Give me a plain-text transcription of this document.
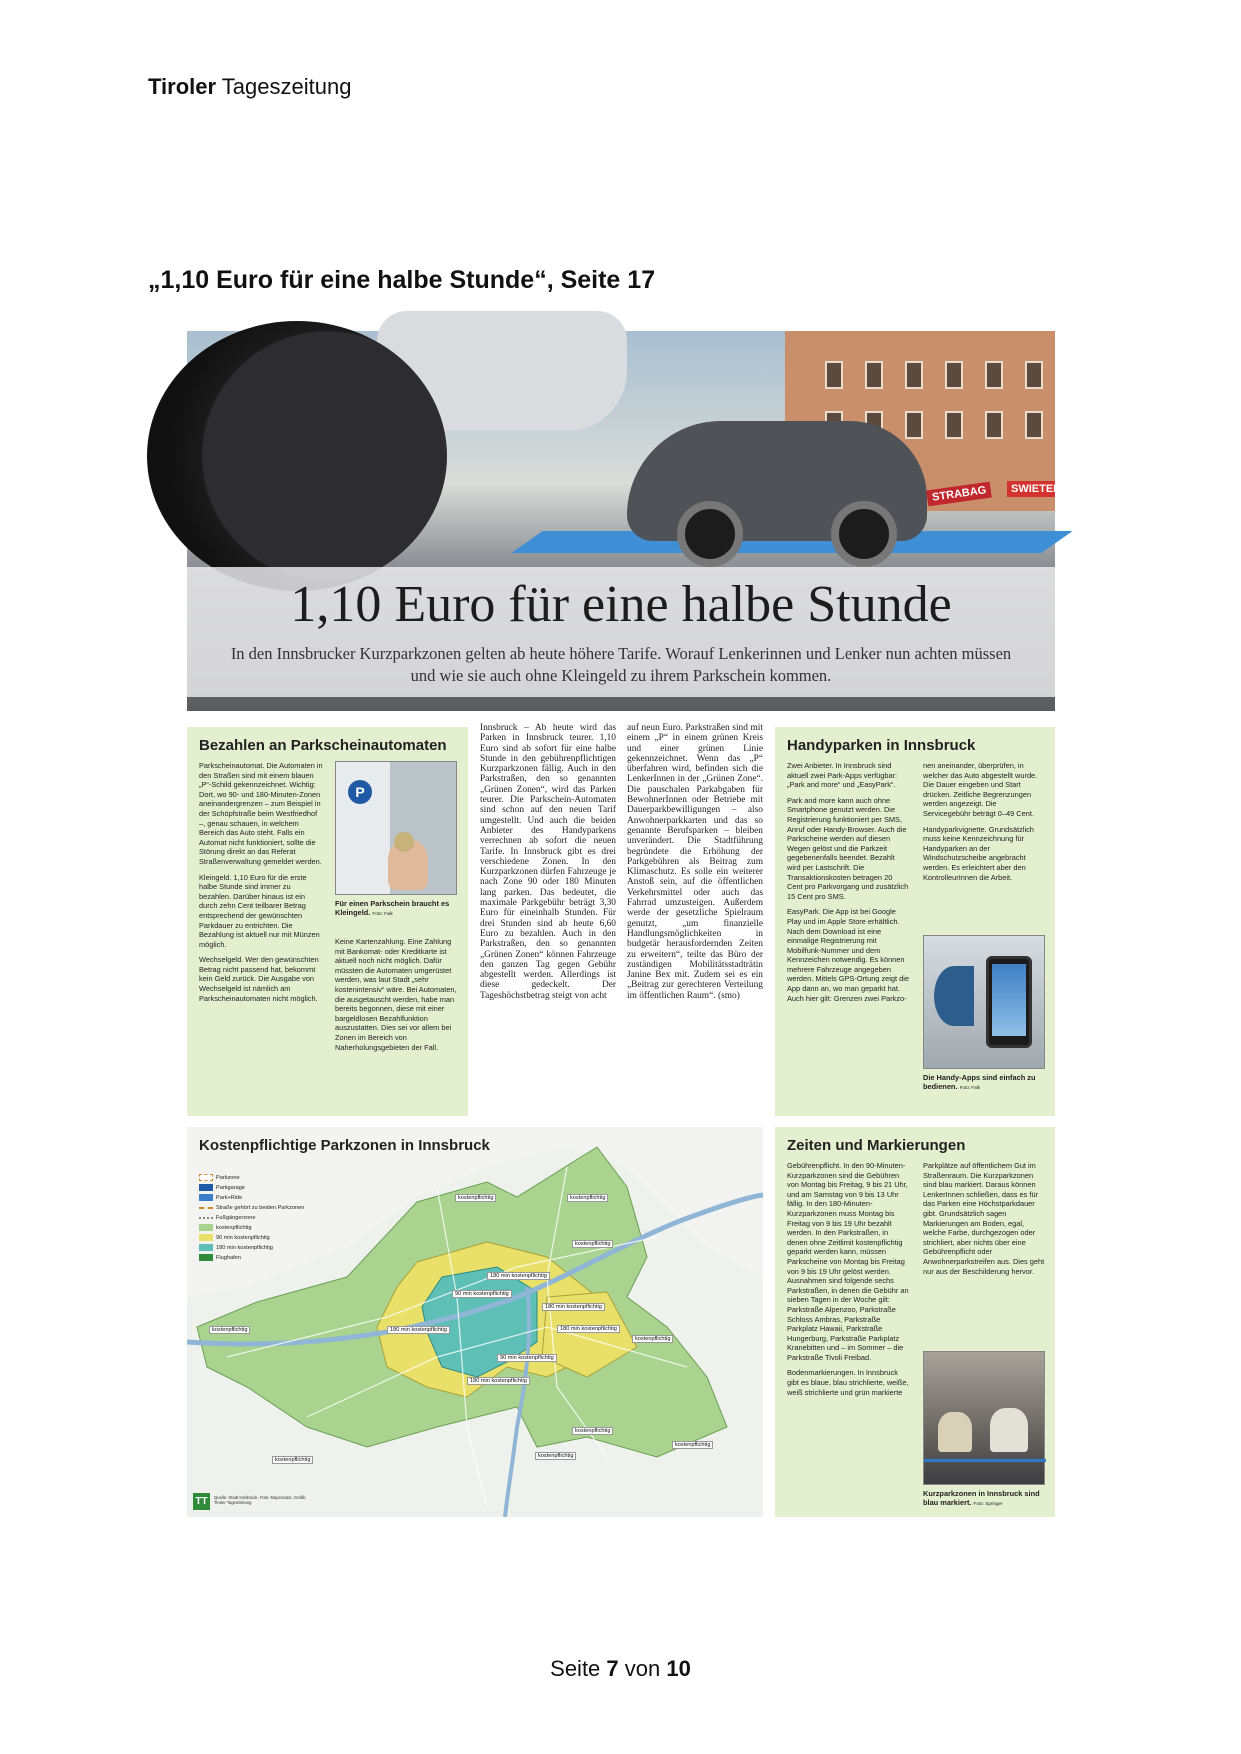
Tiroler Tageszeitung
„1,10 Euro für eine halbe Stunde“, Seite 17
STRABAG	SWIETELSKY
1,10 Euro für eine halbe Stunde
In den Innsbrucker Kurzparkzonen gelten ab heute höhere Tarife. Worauf Lenkerinnen und Lenker nun achten müssen und wie sie auch ohne Kleingeld zu ihrem Parkschein kommen.
Bezahlen an Parkscheinautomaten

Parkscheinautomat. Die Automaten in den Straßen sind mit einem blauen „P“-Schild gekennzeichnet. Wichtig: Dort, wo 90- und 180-Minuten-Zonen aneinandergrenzen – zum Beispiel in der Schöpfstraße beim Westfriedhof –, genau schauen, in welchem Bereich das Auto steht. Falls ein Automat nicht funktioniert, sollte die Störung direkt an das Referat Straßenverwaltung gemeldet werden.

Kleingeld. 1,10 Euro für die erste halbe Stunde sind immer zu bezahlen. Darüber hinaus ist ein durch zehn Cent teilbarer Betrag entsprechend der gewünschten Parkdauer zu entrichten. Die Bezahlung ist aktuell nur mit Münzen möglich.

Wechselgeld. Wer den gewünschten Betrag nicht passend hat, bekommt kein Geld zurück. Die Ausgabe von Wechselgeld ist nämlich am Parkscheinautomaten nicht möglich.

P
Für einen Parkschein braucht es Kleingeld. Foto: Falk
Keine Kartenzahlung. Eine Zahlung mit Bankomat- oder Kreditkarte ist aktuell noch nicht möglich. Dafür müssten die Automaten umgerüstet werden, was laut Stadt „sehr kostenintensiv“ wäre. Bei Automaten, die ausgetauscht werden, habe man bereits begonnen, diese mit einer bargeldlosen Bezahlfunktion auszustatten. Dies sei vor allem bei Zonen im Bereich von Naherholungsgebieten der Fall.
Innsbruck – Ab heute wird das Parken in Innsbruck teurer. 1,10 Euro sind ab sofort für eine halbe Stunde in den gebührenpflichtigen Kurzparkzonen fällig. Auch in den Parkstraßen, den so genannten „Grünen Zonen“, wird das Parken teurer. Die Parkschein-Automaten sind schon auf den neuen Tarif umgestellt. Und auch die beiden Anbieter des Handyparkens verrechnen ab sofort die neuen Tarife. In Innsbruck gibt es drei verschiedene Zonen. In den Kurzparkzonen dürfen Fahrzeuge je nach Zone 90 oder 180 Minuten lang parken. Das bedeutet, die maximale Parkgebühr beträgt 3,30 Euro für eineinhalb Stunden. Für drei Stunden sind ab heute 6,60 Euro zu bezahlen. Auch in den Parkstraßen, den so genannten „Grünen Zonen“ können Fahrzeuge den ganzen Tag gegen Gebühr abgestellt werden. Allerdings ist diese gedeckelt. Der Tageshöchstbetrag steigt von acht
auf neun Euro. Parkstraßen sind mit einem „P“ in einem grünen Kreis und einer grünen Linie gekennzeichnet. Wenn das „P“ überfahren wird, befinden sich die LenkerInnen in der „Grünen Zone“. Die pauschalen Parkabgaben für BewohnerInnen oder Betriebe mit Dauerparkbewilligungen – also Anwohnerparkkarten und das so genannte Berufsparken – bleiben unverändert. Die Stadtführung begründete die Erhöhung der Parkgebühren als Beitrag zum Klimaschutz. Es solle ein weiterer Anstoß sein, auf die öffentlichen Verkehrsmittel oder auch das Fahrrad umzusteigen. Außerdem werde der gesetzliche Spielraum genutzt, „um finanzielle Handlungsmöglichkeiten in budgetär herausfordernden Zeiten zu erweitern“, teilte das Büro der zuständigen Mobilitätsstadträtin Janine Bex mit. Zudem sei es ein „Beitrag zur gerechteren Verteilung im öffentlichen Raum“. (smo)
Handyparken in Innsbruck

Zwei Anbieter. In Innsbruck sind aktuell zwei Park-Apps verfügbar: „Park and more“ und „EasyPark“.

Park and more kann auch ohne Smartphone genutzt werden. Die Registrierung funktioniert per SMS, Anruf oder Handy-Browser. Auch die Parkscheine werden auf diesen Wegen gelöst und die Parkzeit gegebenenfalls beendet. Bezahlt wird per Lastschrift. Die Transaktionskosten betragen 20 Cent pro Parkvorgang und zusätzlich 15 Cent pro SMS.

EasyPark. Die App ist bei Google Play und im Apple Store erhältlich. Nach dem Download ist eine einmalige Registrierung mit Mobilfunk-Nummer und dem Kennzeichen notwendig. Es können mehrere Fahrzeuge angegeben werden. Mittels GPS-Ortung zeigt die App dann an, wo man geparkt hat. Auch hier gilt: Grenzen zwei Parkzo-

nen aneinander, überprüfen, in welcher das Auto abgestellt wurde. Die Dauer eingeben und Start drücken. Zeitliche Begrenzungen werden angezeigt. Die Servicegebühr beträgt 0–49 Cent.

Handyparkvignette. Grundsätzlich muss keine Kennzeichnung für Handyparken an der Windschutzscheibe angebracht werden. Es erleichtert aber den KontrolleurInnen die Arbeit.

Die Handy-Apps sind einfach zu bedienen. Foto: Falk
Kostenpflichtige Parkzonen in Innsbruck
Parkzone
Parkgarage
Park+Ride
Straße gehört zu beiden Parkzonen
Fußgängerzone
kostenpflichtig
90 min kostenpflichtig
180 min kostenpflichtig
Flughafen
kostenpflichtig	kostenpflichtig
kostenpflichtig
180 min kostenpflichtig
90 min kostenpflichtig
180 min kostenpflichtig
180 min kostenpflichtig
kostenpflichtig
kostenpflichtig
180 min kostenpflichtig
90 min kostenpflichtig
180 min kostenpflichtig
kostenpflichtig
kostenpflichtig
kostenpflichtig
kostenpflichtig
TT	Quelle: Stadt Innsbruck, Foto: Mapcreator, Grafik: Tiroler Tageszeitung
Zeiten und Markierungen

Gebührenpflicht. In den 90-Minuten-Kurzparkzonen sind die Gebühren von Montag bis Freitag, 9 bis 21 Uhr, und am Samstag von 9 bis 13 Uhr fällig. In den 180-Minuten-Kurzparkzonen muss Montag bis Freitag von 9 bis 19 Uhr bezahlt werden. In den Parkstraßen, in denen ohne Zeitlimit kostenpflichtig geparkt werden kann, müssen Parkscheine von Montag bis Freitag von 9 bis 19 Uhr gelöst werden. Ausnahmen sind folgende sechs Parkstraßen, in denen die Gebühr an sieben Tagen in der Woche gilt: Parkstraße Alpenzoo, Parkstraße Schloss Ambras, Parkstraße Parkplatz Hawaii, Parkstraße Hungerburg, Parkstraße Parkplatz Kranebitten und – im Sommer – die Parkstraße Tivoli Freibad.

Bodenmarkierungen. In Innsbruck gibt es blaue, blau strichlierte, weiße, weiß strichlierte und grün markierte

Parkplätze auf öffentlichem Gut im Straßenraum. Die Kurzparkzonen sind blau markiert. Daraus können LenkerInnen schließen, dass es für das Parken eine Höchstparkdauer gibt. Grundsätzlich sagen Markierungen am Boden, egal, welche Farbe, durchgezogen oder strichliert, aber nichts über eine Gebührenpflicht oder Anwohnerparkstreifen aus. Dies geht nur aus der Beschilderung hervor.
Kurzparkzonen in Innsbruck sind blau markiert. Foto: Springer
Seite 7 von 10
